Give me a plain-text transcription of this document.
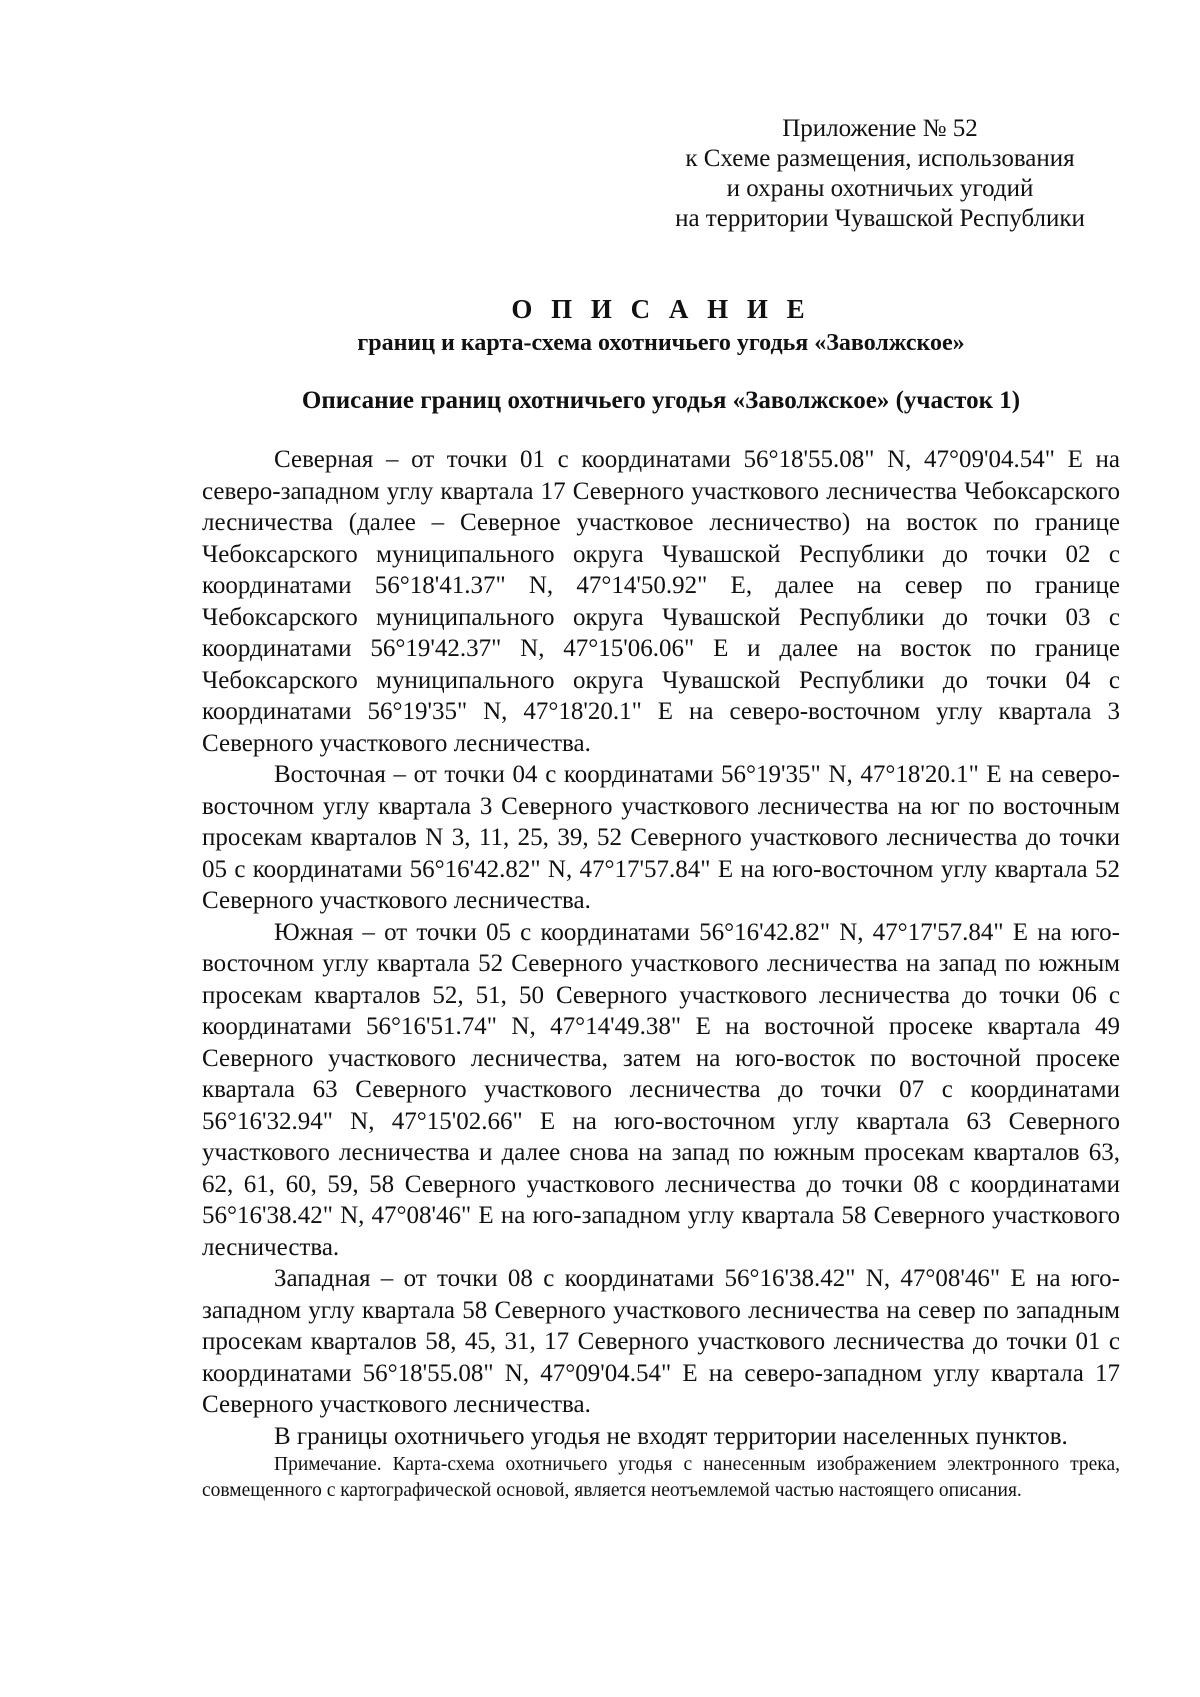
Приложение № 52
к Схеме размещения, использования
и охраны охотничьих угодий
на территории Чувашской Республики
О П И С А Н И Е
границ и карта-схема охотничьего угодья «Заволжское»
Описание границ охотничьего угодья «Заволжское» (участок 1)

Северная – от точки 01 с координатами 56°18'55.08" N, 47°09'04.54" E на северо-западном углу квартала 17 Северного участкового лесничества Чебоксарского лесничества (далее – Северное участковое лесничество) на восток по границе Чебоксарского муниципального округа Чувашской Республики до точки 02 с координатами 56°18'41.37" N, 47°14'50.92" E, далее на север по границе Чебоксарского муниципального округа Чувашской Республики до точки 03 с координатами 56°19'42.37" N, 47°15'06.06" E и далее на восток по границе Чебоксарского муниципального округа Чувашской Республики до точки 04 с координатами 56°19'35" N, 47°18'20.1" E на северо-восточном углу квартала 3 Северного участкового лесничества.

Восточная – от точки 04 с координатами 56°19'35" N, 47°18'20.1" E на северо-восточном углу квартала 3 Северного участкового лесничества на юг по восточным просекам кварталов N 3, 11, 25, 39, 52 Северного участкового лесничества до точки 05 с координатами 56°16'42.82" N, 47°17'57.84" E на юго-восточном углу квартала 52 Северного участкового лесничества.

Южная – от точки 05 с координатами 56°16'42.82" N, 47°17'57.84" E на юго-восточном углу квартала 52 Северного участкового лесничества на запад по южным просекам кварталов 52, 51, 50 Северного участкового лесничества до точки 06 с координатами 56°16'51.74" N, 47°14'49.38" E на восточной просеке квартала 49 Северного участкового лесничества, затем на юго-восток по восточной просеке квартала 63 Северного участкового лесничества до точки 07 с координатами 56°16'32.94" N, 47°15'02.66" E на юго-восточном углу квартала 63 Северного участкового лесничества и далее снова на запад по южным просекам кварталов 63, 62, 61, 60, 59, 58 Северного участкового лесничества до точки 08 с координатами 56°16'38.42" N, 47°08'46" E на юго-западном углу квартала 58 Северного участкового лесничества.

Западная – от точки 08 с координатами 56°16'38.42" N, 47°08'46" E на юго-западном углу квартала 58 Северного участкового лесничества на север по западным просекам кварталов 58, 45, 31, 17 Северного участкового лесничества до точки 01 с координатами 56°18'55.08" N, 47°09'04.54" E на северо-западном углу квартала 17 Северного участкового лесничества.

В границы охотничьего угодья не входят территории населенных пунктов.

Примечание. Карта-схема охотничьего угодья с нанесенным изображением электронного трека, совмещенного с картографической основой, является неотъемлемой частью настоящего описания.
